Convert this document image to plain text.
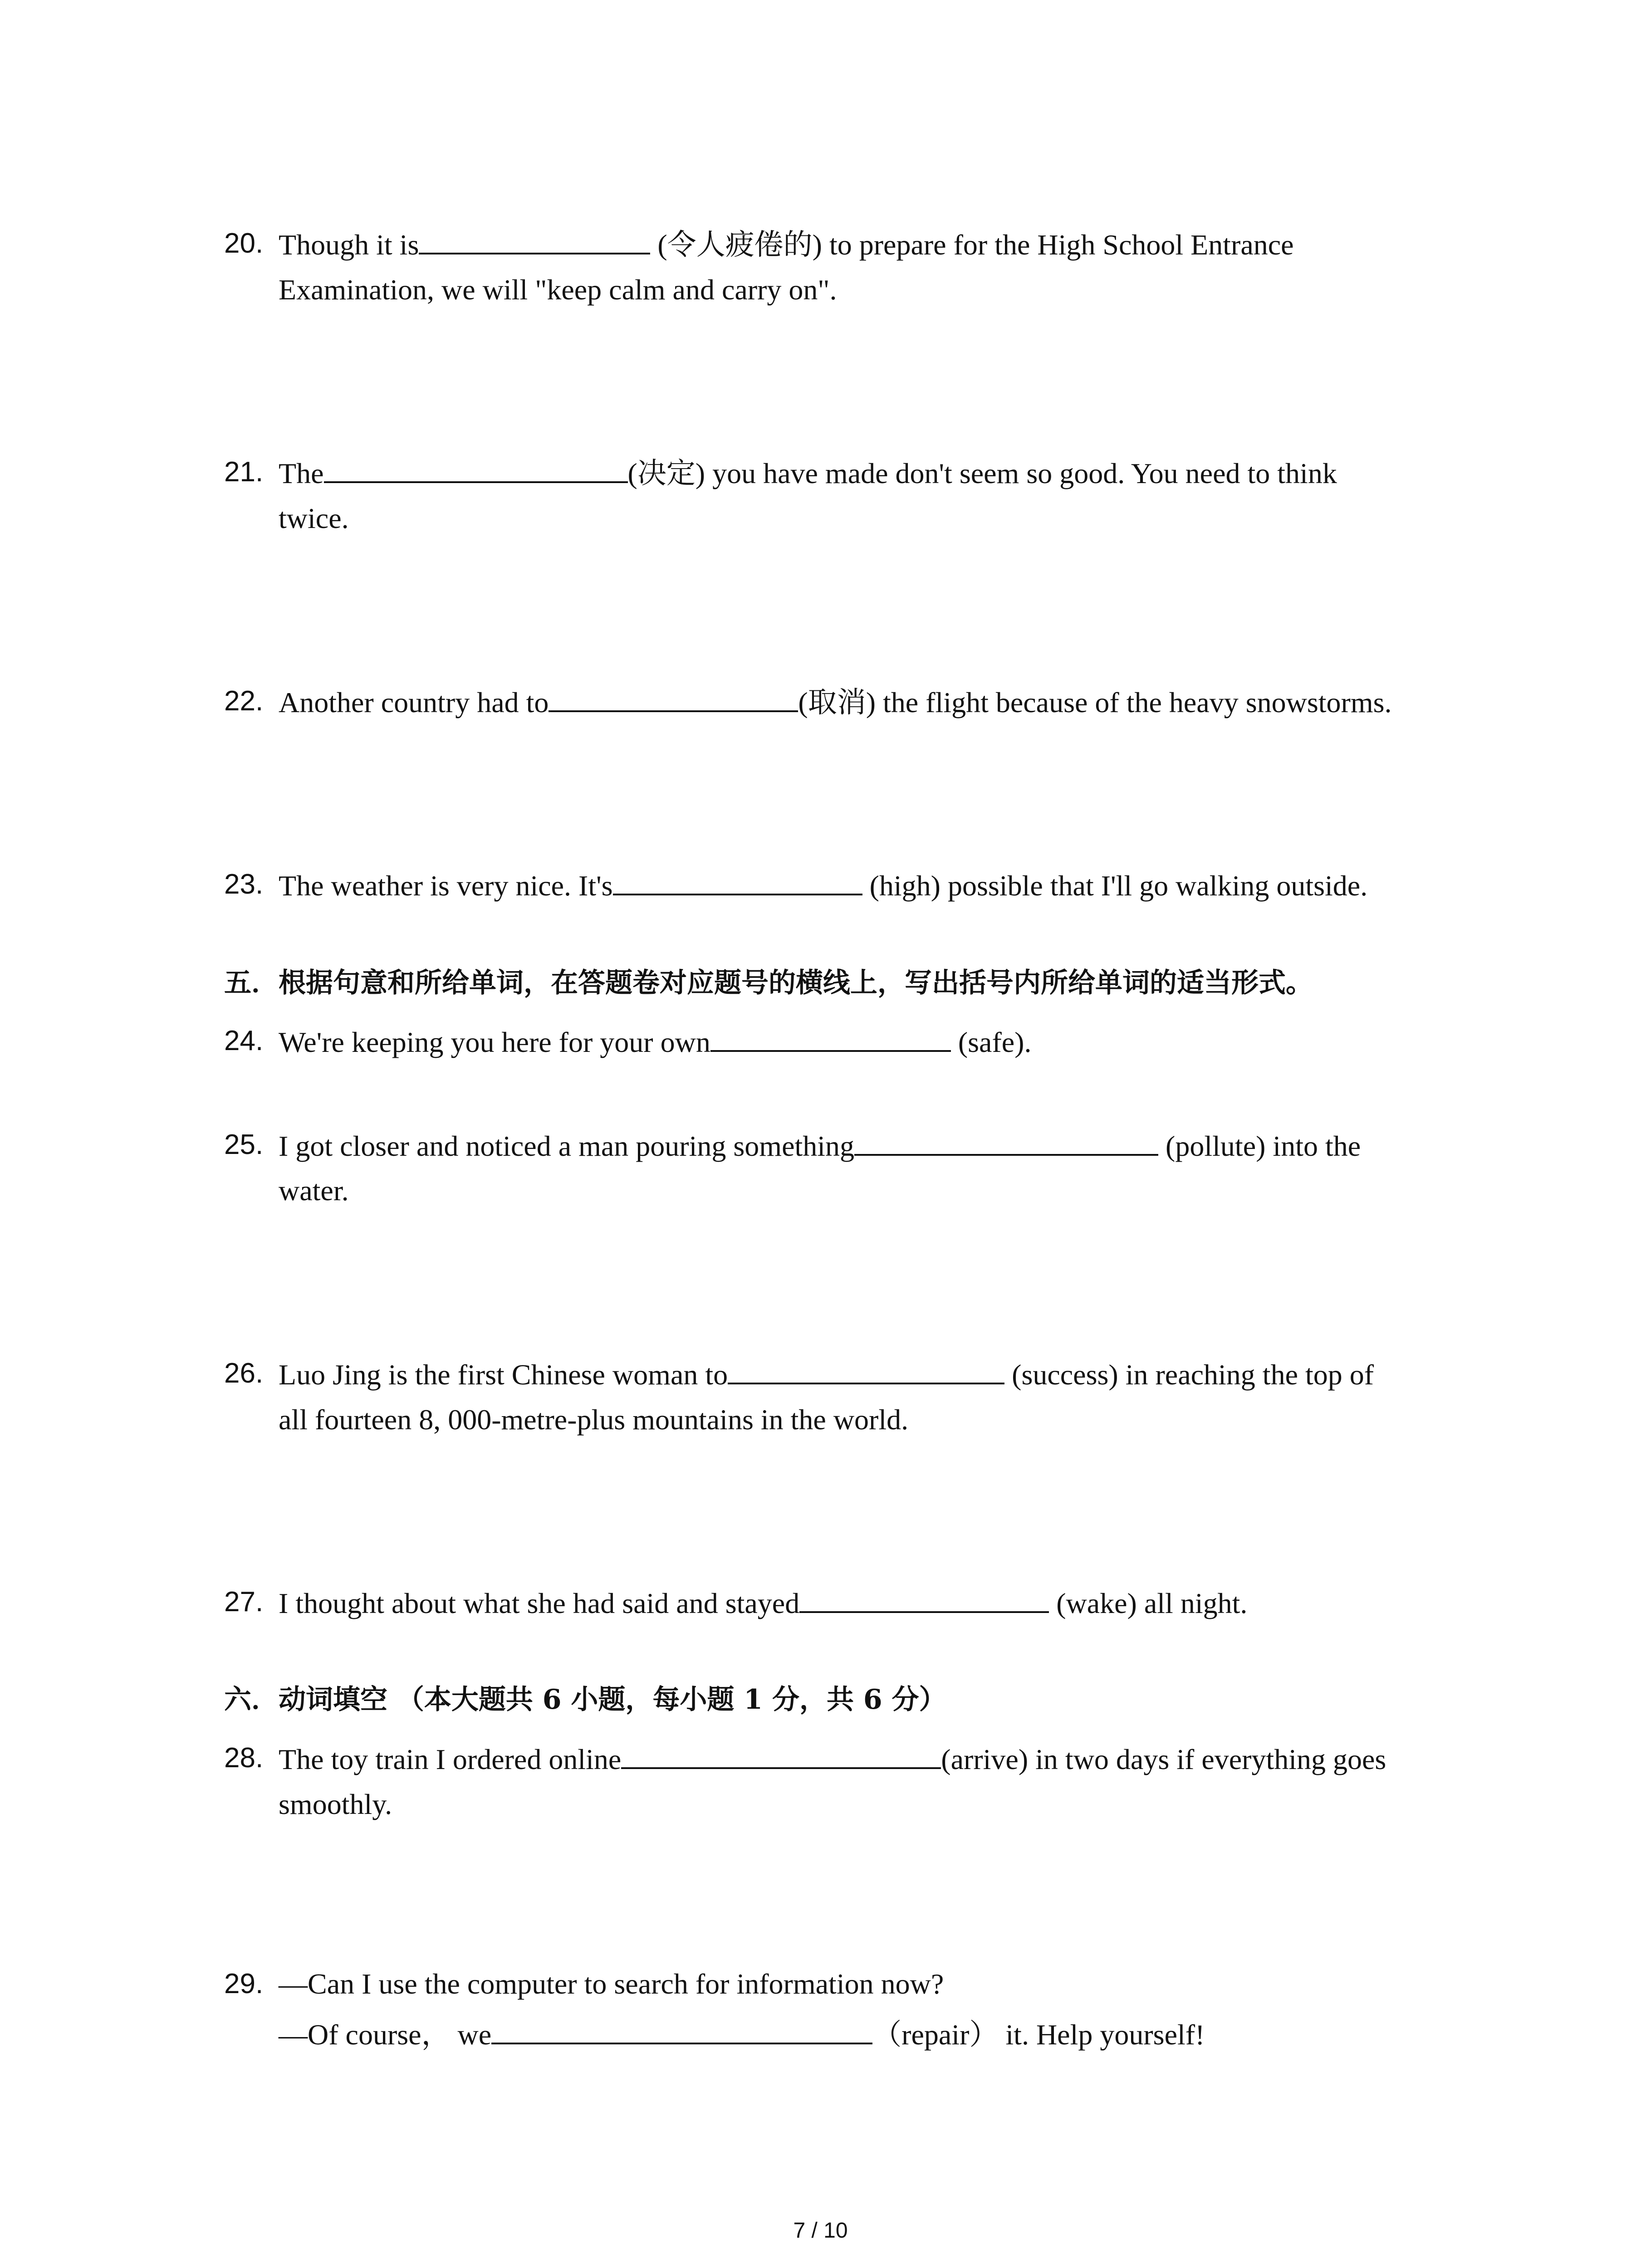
20. Though it is	(令人疲倦的) to prepare for the High School Entrance
Examination, we will "keep calm and carry on".
21. The	(决定) you have made don't seem so good. You need to think
twice.
22. Another country had to	(取消) the flight because of the heavy snowstorms.
23. The weather is very nice. It's	(high) possible that I'll go walking outside.
五．根据句意和所给单词，在答题卷对应题号的横线上，写出括号内所给单词的适当形式。
24. We're keeping you here for your own	(safe).
25. I got closer and noticed a man pouring something	(pollute) into the
water.
26. Luo Jing is the first Chinese woman to	(success) in reaching the top of
all fourteen 8, 000-metre-plus mountains in the world.
27. I thought about what she had said and stayed	(wake) all night.
六．动词填空 （本大题共 6 小题，每小题 1 分，共 6 分）
28. The toy train I ordered online	(arrive) in two days if everything goes
smoothly.
29. —Can I use the computer to search for information now?
—Of course， we	（repair） it. Help yourself!
7 / 10
